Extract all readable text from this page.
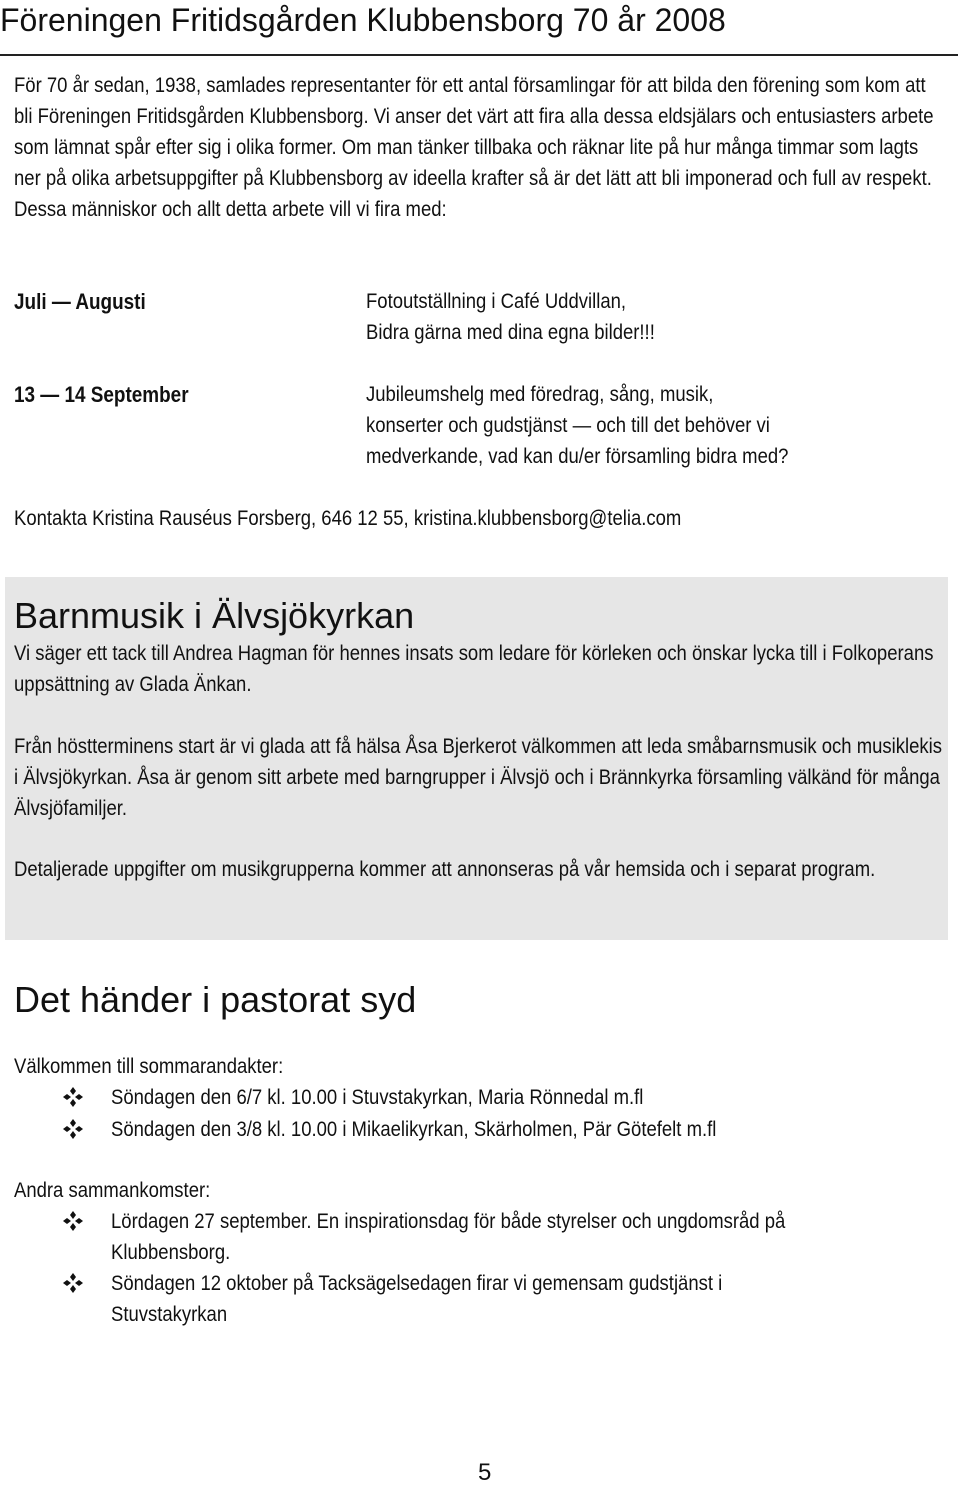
Föreningen Fritidsgården Klubbensborg 70 år 2008

För 70 år sedan, 1938, samlades representanter för ett antal församlingar för att bilda den förening som kom att bli Föreningen Fritidsgården Klubbensborg. Vi anser det värt att fira alla dessa eldsjälars och entusiasters arbete som lämnat spår efter sig i olika former. Om man tänker tillbaka och räknar lite på hur många timmar som lagts ner på olika arbetsuppgifter på Klubbensborg av ideella krafter så är det lätt att bli imponerad och full av respekt. Dessa människor och allt detta arbete vill vi fira med:

Juli — Augusti	Fotoutställning i Café Uddvillan,
Bidra gärna med dina egna bilder!!!
13 — 14 September	Jubileumshelg med föredrag, sång, musik,
konserter och gudstjänst — och till det behöver vi
medverkande, vad kan du/er församling bidra med?
Kontakta Kristina Rauséus Forsberg, 646 12 55, kristina.klubbensborg@telia.com
Barnmusik i Älvsjökyrkan

Vi säger ett tack till Andrea Hagman för hennes insats som ledare för körleken och önskar lycka till i Folkoperans uppsättning av Glada Änkan.

Från höstterminens start är vi glada att få hälsa Åsa Bjerkerot välkommen att leda småbarnsmusik och musiklekis i Älvsjökyrkan. Åsa är genom sitt arbete med barngrupper i Älvsjö och i Brännkyrka församling välkänd för många Älvsjöfamiljer.

Detaljerade uppgifter om musikgrupperna kommer att annonseras på vår hemsida och i separat program.

Det händer i pastorat syd
Välkommen till sommarandakter:
Söndagen den 6/7 kl. 10.00 i Stuvstakyrkan, Maria Rönnedal m.fl
Söndagen den 3/8 kl. 10.00 i Mikaelikyrkan, Skärholmen, Pär Götefelt m.fl
Andra sammankomster:
Lördagen 27 september. En inspirationsdag för både styrelser och ungdomsråd på
Klubbensborg.
Söndagen 12 oktober på Tacksägelsedagen firar vi gemensam gudstjänst i
Stuvstakyrkan
5
